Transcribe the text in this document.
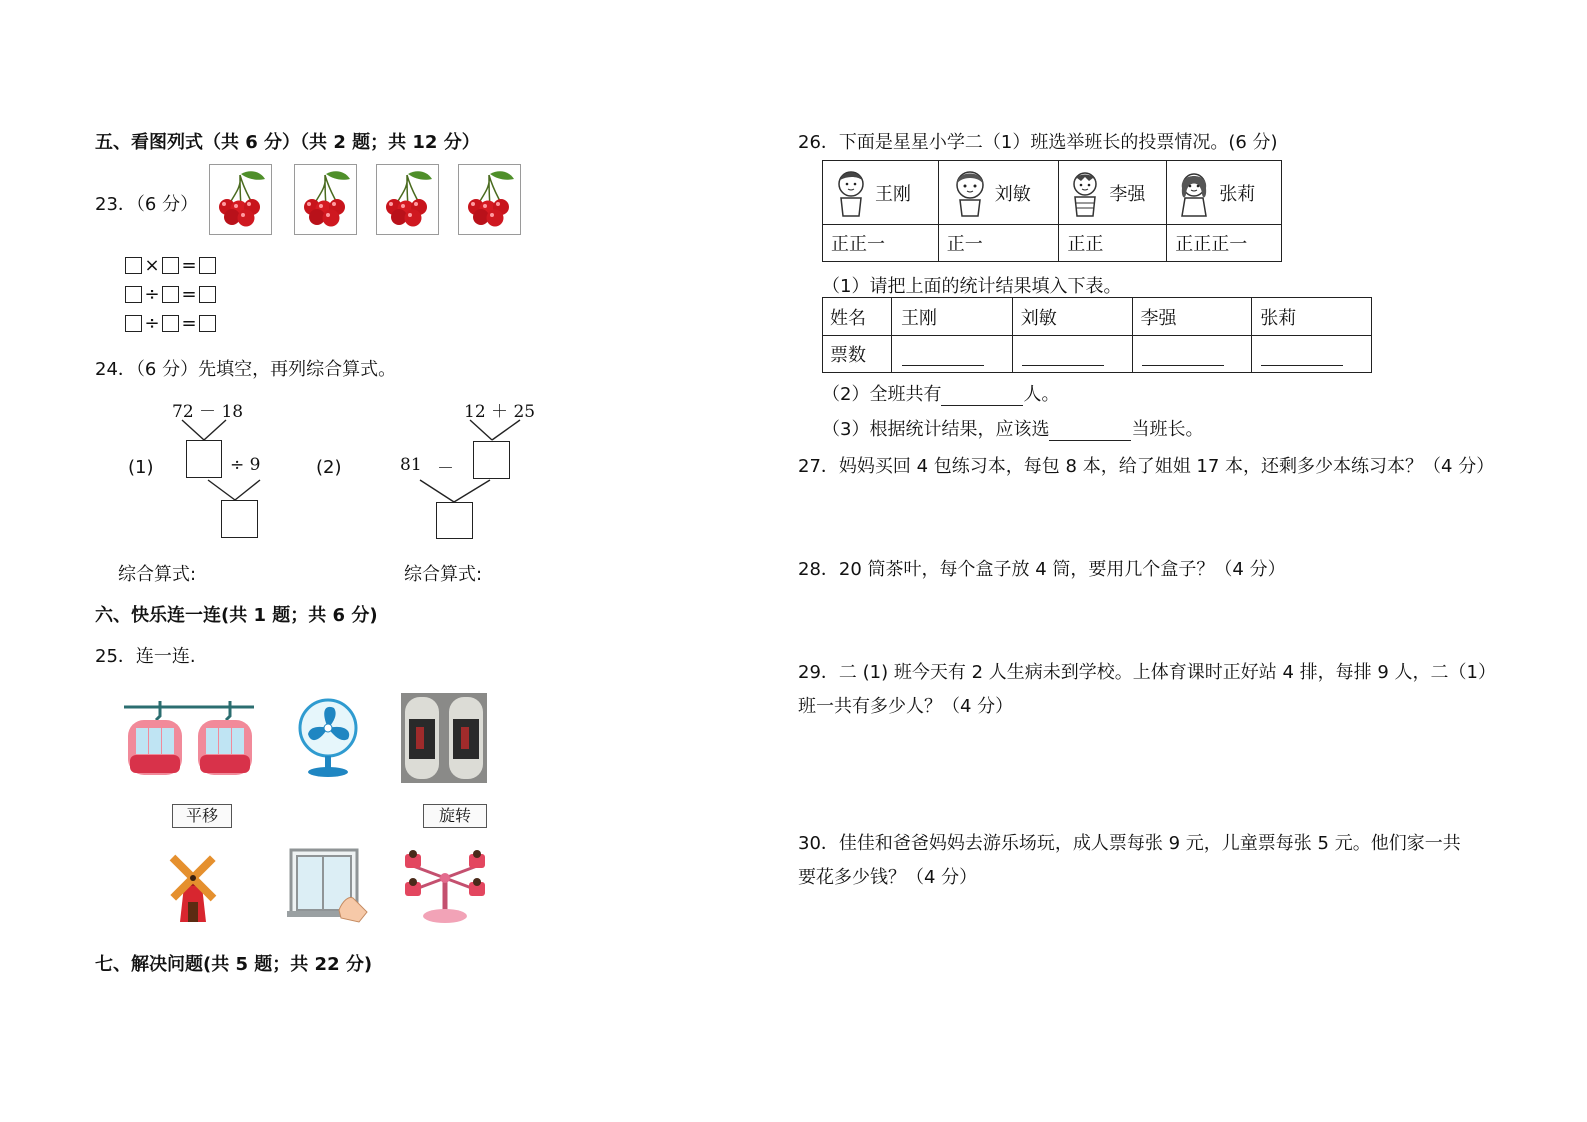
五、看图列式（共 6 分）（共 2 题；共 12 分）
23．（6 分）
× =
÷ =
÷ =
24．（6 分）先填空，再列综合算式。
(1)
72 － 18
÷ 9	(2)
12 ＋ 25
81 －
综合算式:	综合算式:
六、快乐连一连(共 1 题；共 6 分)
25．连一连.
平移	旋转
七、解决问题(共 5 题；共 22 分)
26．下面是星星小学二（1）班选举班长的投票情况。(6 分)
王刚	刘敏	李强	张莉

正正一	正一	正正	正正正一
（1）请把上面的统计结果填入下表。
姓名	王刚	刘敏	李强	张莉
票数				
（2）全班共有	人。
（3）根据统计结果，应该选	当班长。
27．妈妈买回 4 包练习本，每包 8 本，给了姐姐 17 本，还剩多少本练习本？（4 分）
28．20 筒茶叶，每个盒子放 4 筒，要用几个盒子？（4 分）
29．二 (1) 班今天有 2 人生病未到学校。上体育课时正好站 4 排，每排 9 人，二（1）
班一共有多少人？（4 分）
30．佳佳和爸爸妈妈去游乐场玩，成人票每张 9 元，儿童票每张 5 元。他们家一共
要花多少钱？（4 分）
